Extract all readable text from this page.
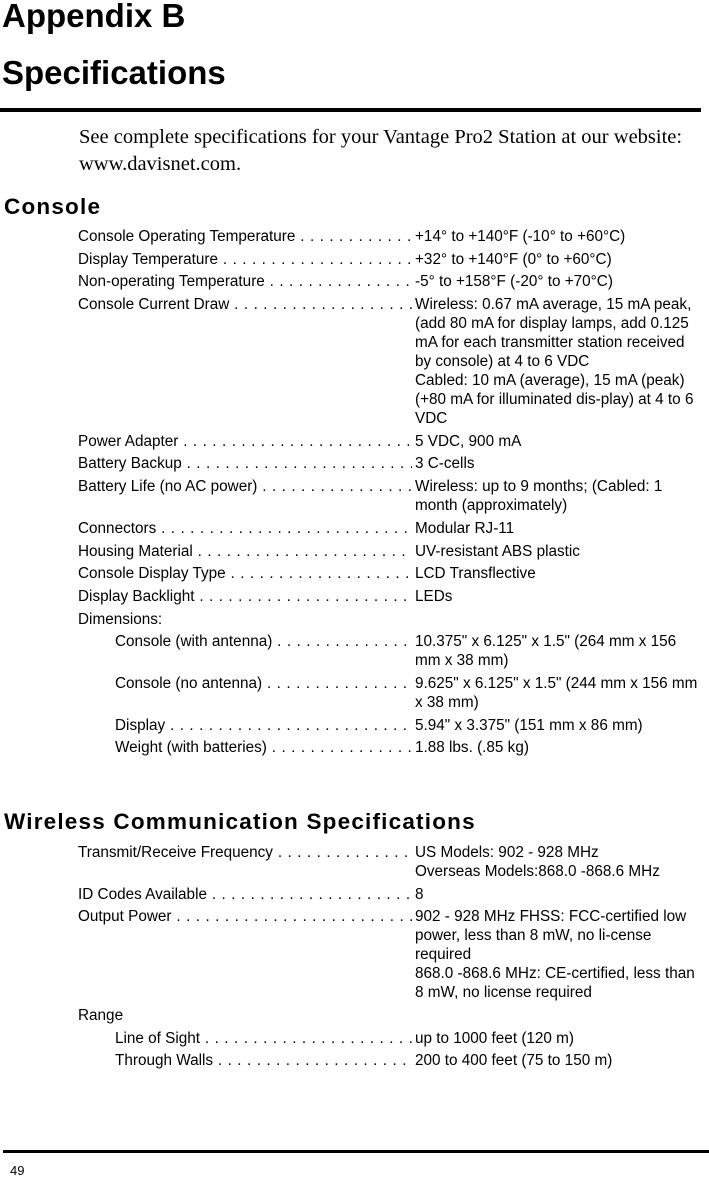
Appendix B
Specifications

See complete specifications for your Vantage Pro2 Station at our website: www.davisnet.com.

Console
Console Operating Temperature . . .	+14° to +140°F (-10° to +60°C)
Display Temperature . . .	+32° to +140°F (0° to +60°C)
Non-operating Temperature . . .	-5° to +158°F (-20° to +70°C)
Console Current Draw . . .	Wireless: 0.67 mA average, 15 mA peak, (add 80 mA for display lamps, add 0.125 mA for each transmitter station received by console) at 4 to 6 VDC
Cabled: 10 mA (average), 15 mA (peak) (+80 mA for illuminated dis-play) at 4 to 6 VDC
Power Adapter . . .	5 VDC, 900 mA
Battery Backup . . .	3 C-cells
Battery Life (no AC power) . . .	Wireless: up to 9 months; (Cabled: 1 month (approximately)
Connectors . . .	Modular RJ-11
Housing Material . . .	UV-resistant ABS plastic
Console Display Type . . .	LCD Transflective
Display Backlight . . .	LEDs
Dimensions:
Console (with antenna) . . .	10.375" x 6.125" x 1.5" (264 mm x 156 mm x 38 mm)
Console (no antenna) . . .	9.625" x 6.125" x 1.5" (244 mm x 156 mm x 38 mm)
Display . . .	5.94" x 3.375" (151 mm x 86 mm)
Weight (with batteries) . . .	1.88 lbs. (.85 kg)
Wireless Communication Specifications
Transmit/Receive Frequency . . .	US Models: 902 - 928 MHz
Overseas Models:868.0 -868.6 MHz
ID Codes Available . . .	8
Output Power . . .	902 - 928 MHz FHSS: FCC-certified low power, less than 8 mW, no li-cense required
868.0 -868.6 MHz: CE-certified, less than 8 mW, no license required
Range
Line of Sight . . .	up to 1000 feet (120 m)
Through Walls . . .	200 to 400 feet (75 to 150 m)
49
